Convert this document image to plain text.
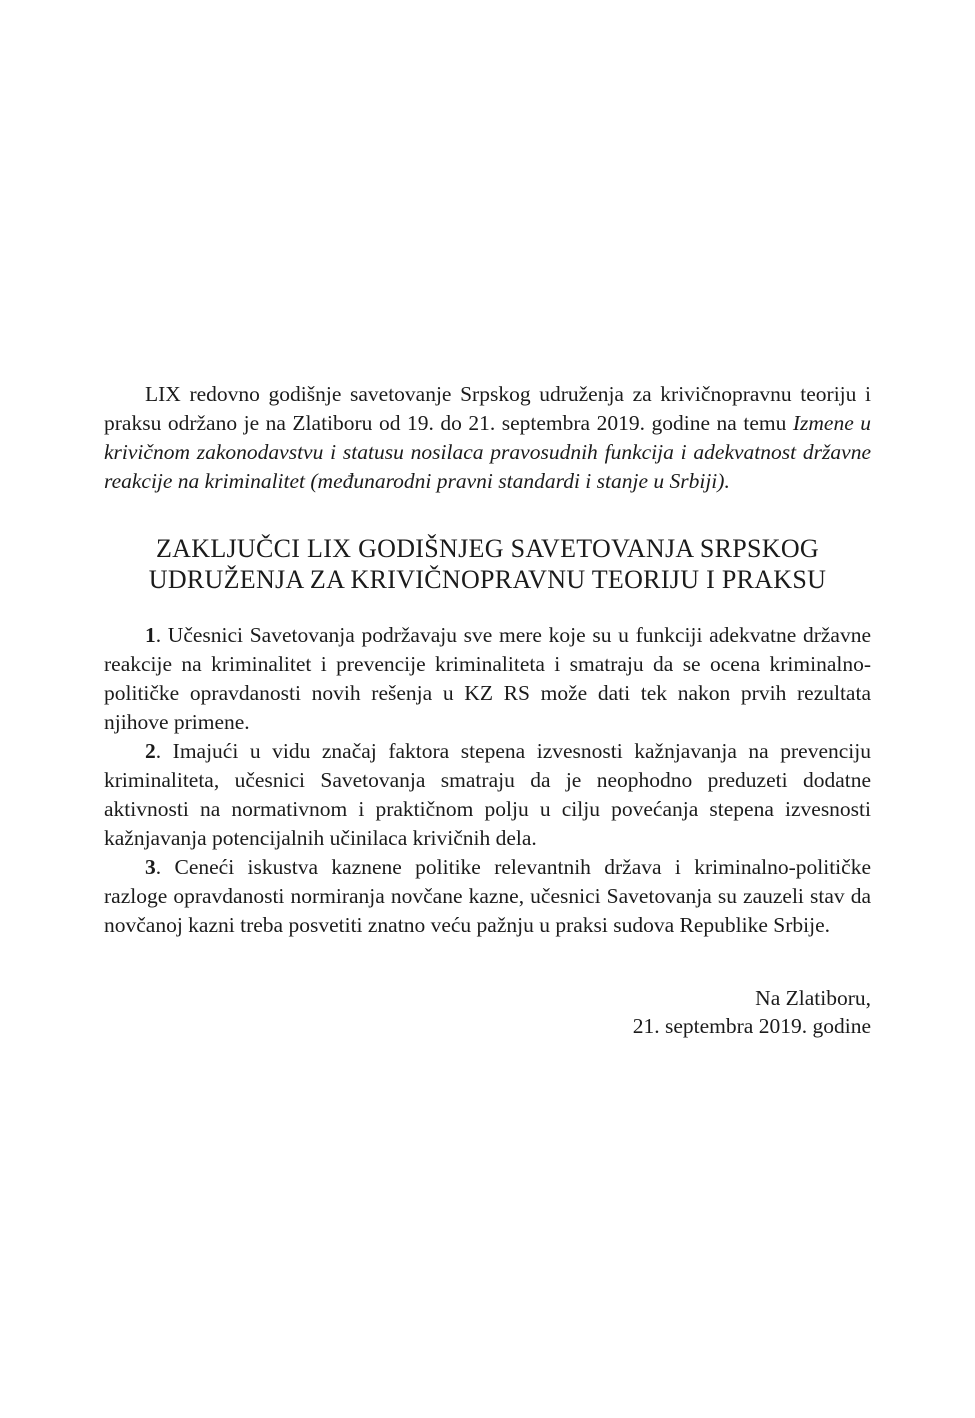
LIX redovno godišnje savetovanje Srpskog udruženja za krivičnopravnu teoriju i praksu održano je na Zlatiboru od 19. do 21. septembra 2019. godine na temu Izmene u krivičnom zakonodavstvu i statusu nosilaca pravosudnih funkcija i adekvatnost državne reakcije na kriminalitet (međunarodni pravni standardi i stanje u Srbiji).

ZAKLJUČCI LIX GODIŠNJEG SAVETOVANJA SRPSKOG
UDRUŽENJA ZA KRIVIČNOPRAVNU TEORIJU I PRAKSU

1. Učesnici Savetovanja podržavaju sve mere koje su u funkciji adekvatne državne reakcije na kriminalitet i prevencije kriminaliteta i smatraju da se ocena kriminalno-političke opravdanosti novih rešenja u KZ RS može dati tek nakon prvih rezultata njihove primene.

2. Imajući u vidu značaj faktora stepena izvesnosti kažnjavanja na prevenciju kriminaliteta, učesnici Savetovanja smatraju da je neophodno preduzeti dodatne aktivnosti na normativnom i praktičnom polju u cilju povećanja stepena izvesnosti kažnjavanja potencijalnih učinilaca krivičnih dela.

3. Ceneći iskustva kaznene politike relevantnih država i kriminalno-političke razloge opravdanosti normiranja novčane kazne, učesnici Savetovanja su zauzeli stav da novčanoj kazni treba posvetiti znatno veću pažnju u praksi sudova Republike Srbije.

Na Zlatiboru,

21. septembra 2019. godine
